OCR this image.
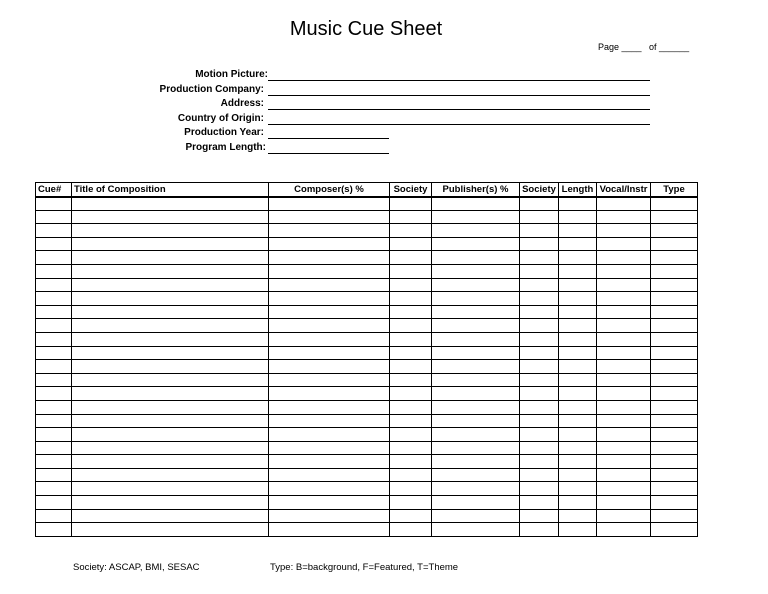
Music Cue Sheet
Page ____   of ______
Motion Picture:
Production Company:
Address:
Country of Origin:
Production Year:
Program Length:
Cue#	Title of Composition	Composer(s) %	Society	Publisher(s) %	Society	Length	Vocal/Instr	Type

Society: ASCAP, BMI, SESAC	Type: B=background, F=Featured, T=Theme
